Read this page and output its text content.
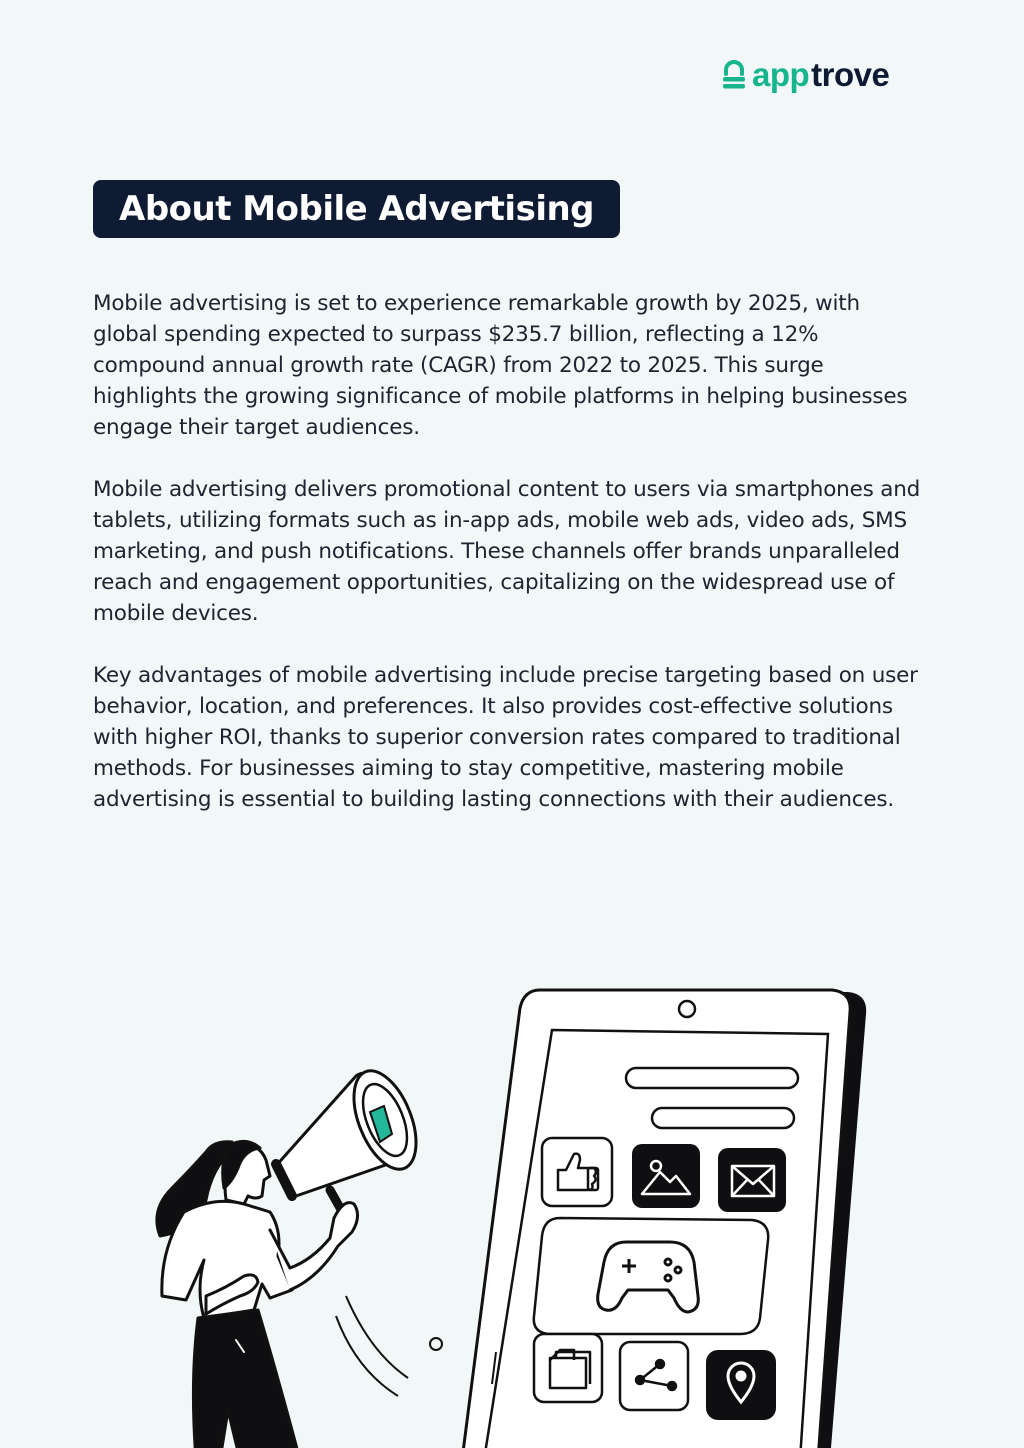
app trove
About Mobile Advertising

Mobile advertising is set to experience remarkable growth by 2025, with global spending expected to surpass $235.7 billion, reflecting a 12% compound annual growth rate (CAGR) from 2022 to 2025. This surge highlights the growing significance of mobile platforms in helping businesses engage their target audiences.

Mobile advertising delivers promotional content to users via smartphones and tablets, utilizing formats such as in-app ads, mobile web ads, video ads, SMS marketing, and push notifications. These channels offer brands unparalleled reach and engagement opportunities, capitalizing on the widespread use of mobile devices.

Key advantages of mobile advertising include precise targeting based on user behavior, location, and preferences. It also provides cost-effective solutions with higher ROI, thanks to superior conversion rates compared to traditional methods. For businesses aiming to stay competitive, mastering mobile advertising is essential to building lasting connections with their audiences.
